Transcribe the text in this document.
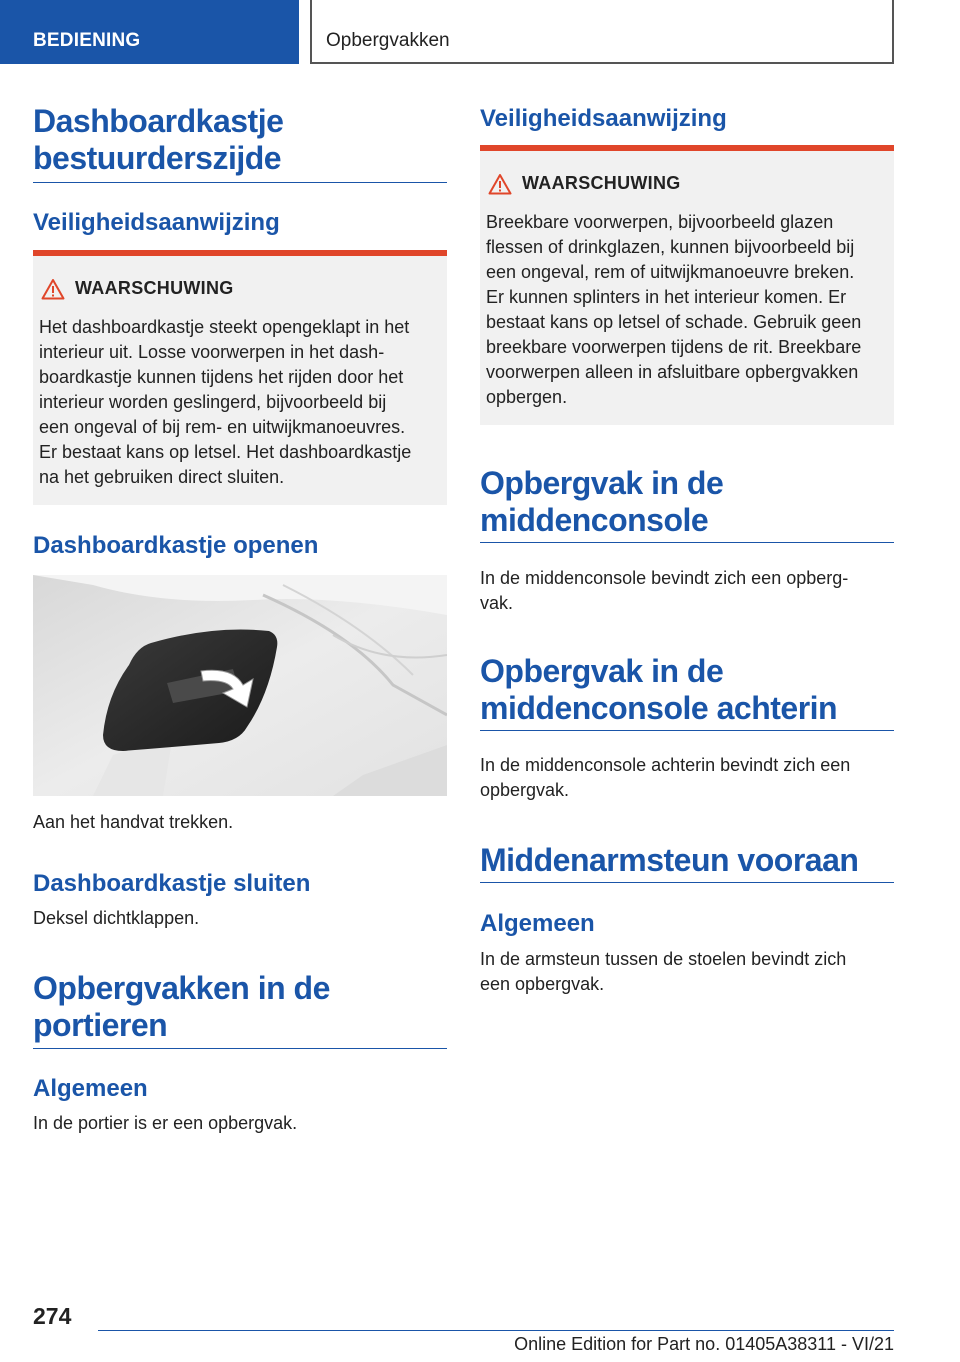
BEDIENING	Opbergvakken
Dashboardkastje
bestuurderszijde
Veiligheidsaanwijzing
WAARSCHUWING
Het dashboardkastje steekt opengeklapt in het
interieur uit. Losse voorwerpen in het dash-
boardkastje kunnen tijdens het rijden door het
interieur worden geslingerd, bijvoorbeeld bij
een ongeval of bij rem- en uitwijkmanoeuvres.
Er bestaat kans op letsel. Het dashboardkastje
na het gebruiken direct sluiten.
Dashboardkastje openen
Aan het handvat trekken.
Dashboardkastje sluiten
Deksel dichtklappen.
Opbergvakken in de
portieren
Algemeen
In de portier is er een opbergvak.
Veiligheidsaanwijzing
WAARSCHUWING
Breekbare voorwerpen, bijvoorbeeld glazen
flessen of drinkglazen, kunnen bijvoorbeeld bij
een ongeval, rem of uitwijkmanoeuvre breken.
Er kunnen splinters in het interieur komen. Er
bestaat kans op letsel of schade. Gebruik geen
breekbare voorwerpen tijdens de rit. Breekbare
voorwerpen alleen in afsluitbare opbergvakken
opbergen.
Opbergvak in de
middenconsole
In de middenconsole bevindt zich een opberg-
vak.
Opbergvak in de
middenconsole achterin
In de middenconsole achterin bevindt zich een
opbergvak.
Middenarmsteun vooraan
Algemeen
In de armsteun tussen de stoelen bevindt zich
een opbergvak.
274
Online Edition for Part no. 01405A38311 - VI/21
